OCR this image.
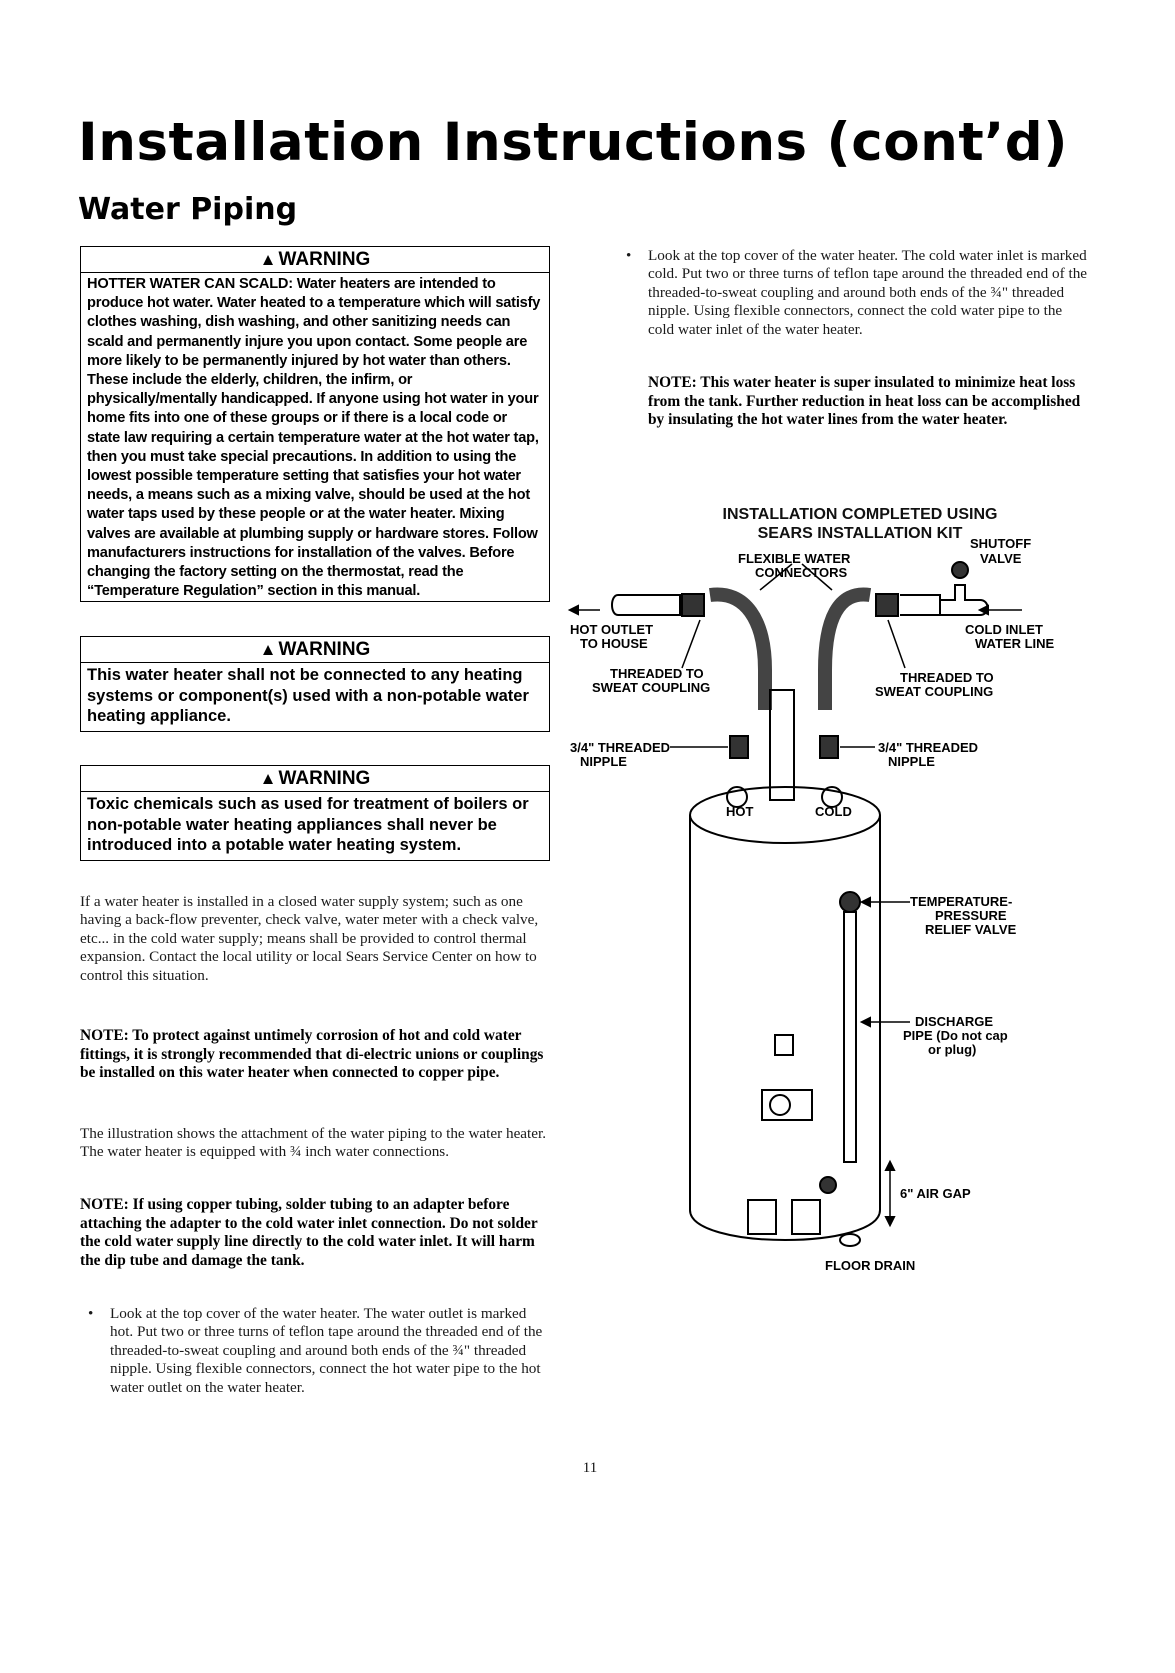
Installation Instructions (cont’d)
Water Piping
▲ WARNING
HOTTER WATER CAN SCALD: Water heaters are intended to produce hot water. Water heated to a temperature which will satisfy clothes washing, dish washing, and other sanitizing needs can scald and permanently injure you upon contact. Some people are more likely to be permanently injured by hot water than others. These include the elderly, children, the infirm, or physically/mentally handicapped. If anyone using hot water in your home fits into one of these groups or if there is a local code or state law requiring a certain temperature water at the hot water tap, then you must take special precautions. In addition to using the lowest possible temperature setting that satisfies your hot water needs, a means such as a mixing valve, should be used at the hot water taps used by these people or at the water heater. Mixing valves are available at plumbing supply or hardware stores. Follow manufacturers instructions for installation of the valves. Before changing the factory setting on the thermostat, read the “Temperature Regulation” section in this manual.
▲ WARNING
This water heater shall not be connected to any heating systems or component(s) used with a non-potable water heating appliance.
▲ WARNING
Toxic chemicals such as used for treatment of boilers or non-potable water heating appliances shall never be introduced into a potable water heating system.

If a water heater is installed in a closed water supply system; such as one having a back-flow preventer, check valve, water meter with a check valve, etc... in the cold water supply; means shall be provided to control thermal expansion. Contact the local utility or local Sears Service Center on how to control this situation.

NOTE: To protect against untimely corrosion of hot and cold water fittings, it is strongly recommended that di-electric unions or couplings be installed on this water heater when connected to copper pipe.

The illustration shows the attachment of the water piping to the water heater. The water heater is equipped with ¾ inch water connections.

NOTE: If using copper tubing, solder tubing to an adapter before attaching the adapter to the cold water inlet connection. Do not solder the cold water supply line directly to the cold water inlet. It will harm the dip tube and damage the tank.

• Look at the top cover of the water heater. The water outlet is marked hot. Put two or three turns of teflon tape around the threaded end of the threaded-to-sweat coupling and around both ends of the ¾" threaded nipple. Using flexible connectors, connect the hot water pipe to the hot water outlet on the water heater.

• Look at the top cover of the water heater. The cold water inlet is marked cold. Put two or three turns of teflon tape around the threaded end of the threaded-to-sweat coupling and around both ends of the ¾" threaded nipple. Using flexible connectors, connect the cold water pipe to the cold water inlet of the water heater.

NOTE: This water heater is super insulated to minimize heat loss from the tank. Further reduction in heat loss can be accomplished by insulating the hot water lines from the water heater.

INSTALLATION COMPLETED USING
SEARS INSTALLATION KIT
SHUTOFF
VALVE
FLEXIBLE WATER
CONNECTORS
HOT OUTLET
TO HOUSE
COLD INLET
WATER LINE
THREADED TO
SWEAT COUPLING
THREADED TO
SWEAT COUPLING
3/4" THREADED
NIPPLE
3/4" THREADED
NIPPLE
HOT	COLD
TEMPERATURE-
PRESSURE
RELIEF VALVE
DISCHARGE
PIPE (Do not cap
or plug)
6" AIR GAP
FLOOR DRAIN
11
